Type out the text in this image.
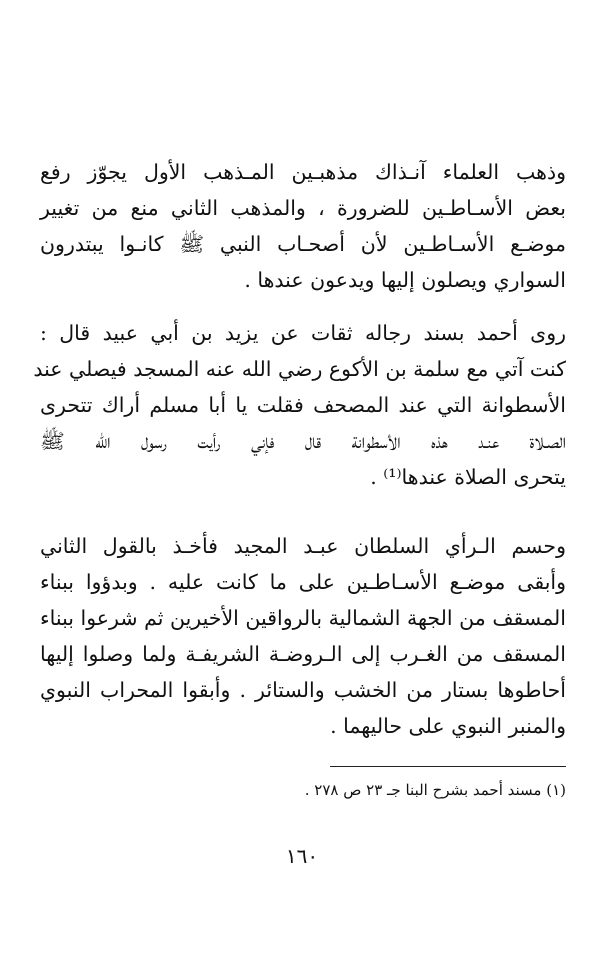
وذهب العلماء آنـذاك مذهبـين المـذهب الأول يجوّز رفع
بعض الأسـاطـين للضرورة ، والمذهب الثاني منع من تغيير
موضـع الأسـاطـين لأن أصحـاب النبي ﷺ كانـوا يبتدرون
السواري ويصلون إليها ويدعون عندها .
روى أحمد بسند رجاله ثقات عن يزيد بن أبي عبيد قال :
كنت آتي مع سلمة بن الأكوع رضي الله عنه المسجد فيصلي عند
الأسطوانة التي عند المصحف فقلت يا أبا مسلم أراك تتحرى
الصـلاة عنـد هذه الأسطوانة قال فإني رأيت رسول الله ﷺ
يتحرى الصلاة عندها⁽¹⁾ .
وحسم الـرأي السلطان عبـد المجيد فأخـذ بالقول الثاني
وأبقى موضـع الأسـاطـين على ما كانت عليه . وبدؤوا ببناء
المسقف من الجهة الشمالية بالرواقين الأخيرين ثم شرعوا ببناء
المسقف من الغـرب إلى الـروضـة الشريفـة ولما وصلوا إليها
أحاطوها بستار من الخشب والستائر . وأبقوا المحراب النبوي
والمنبر النبوي على حاليهما .
(١) مسند أحمد بشرح البنا جـ ٢٣ ص ٢٧٨ .
١٦٠
